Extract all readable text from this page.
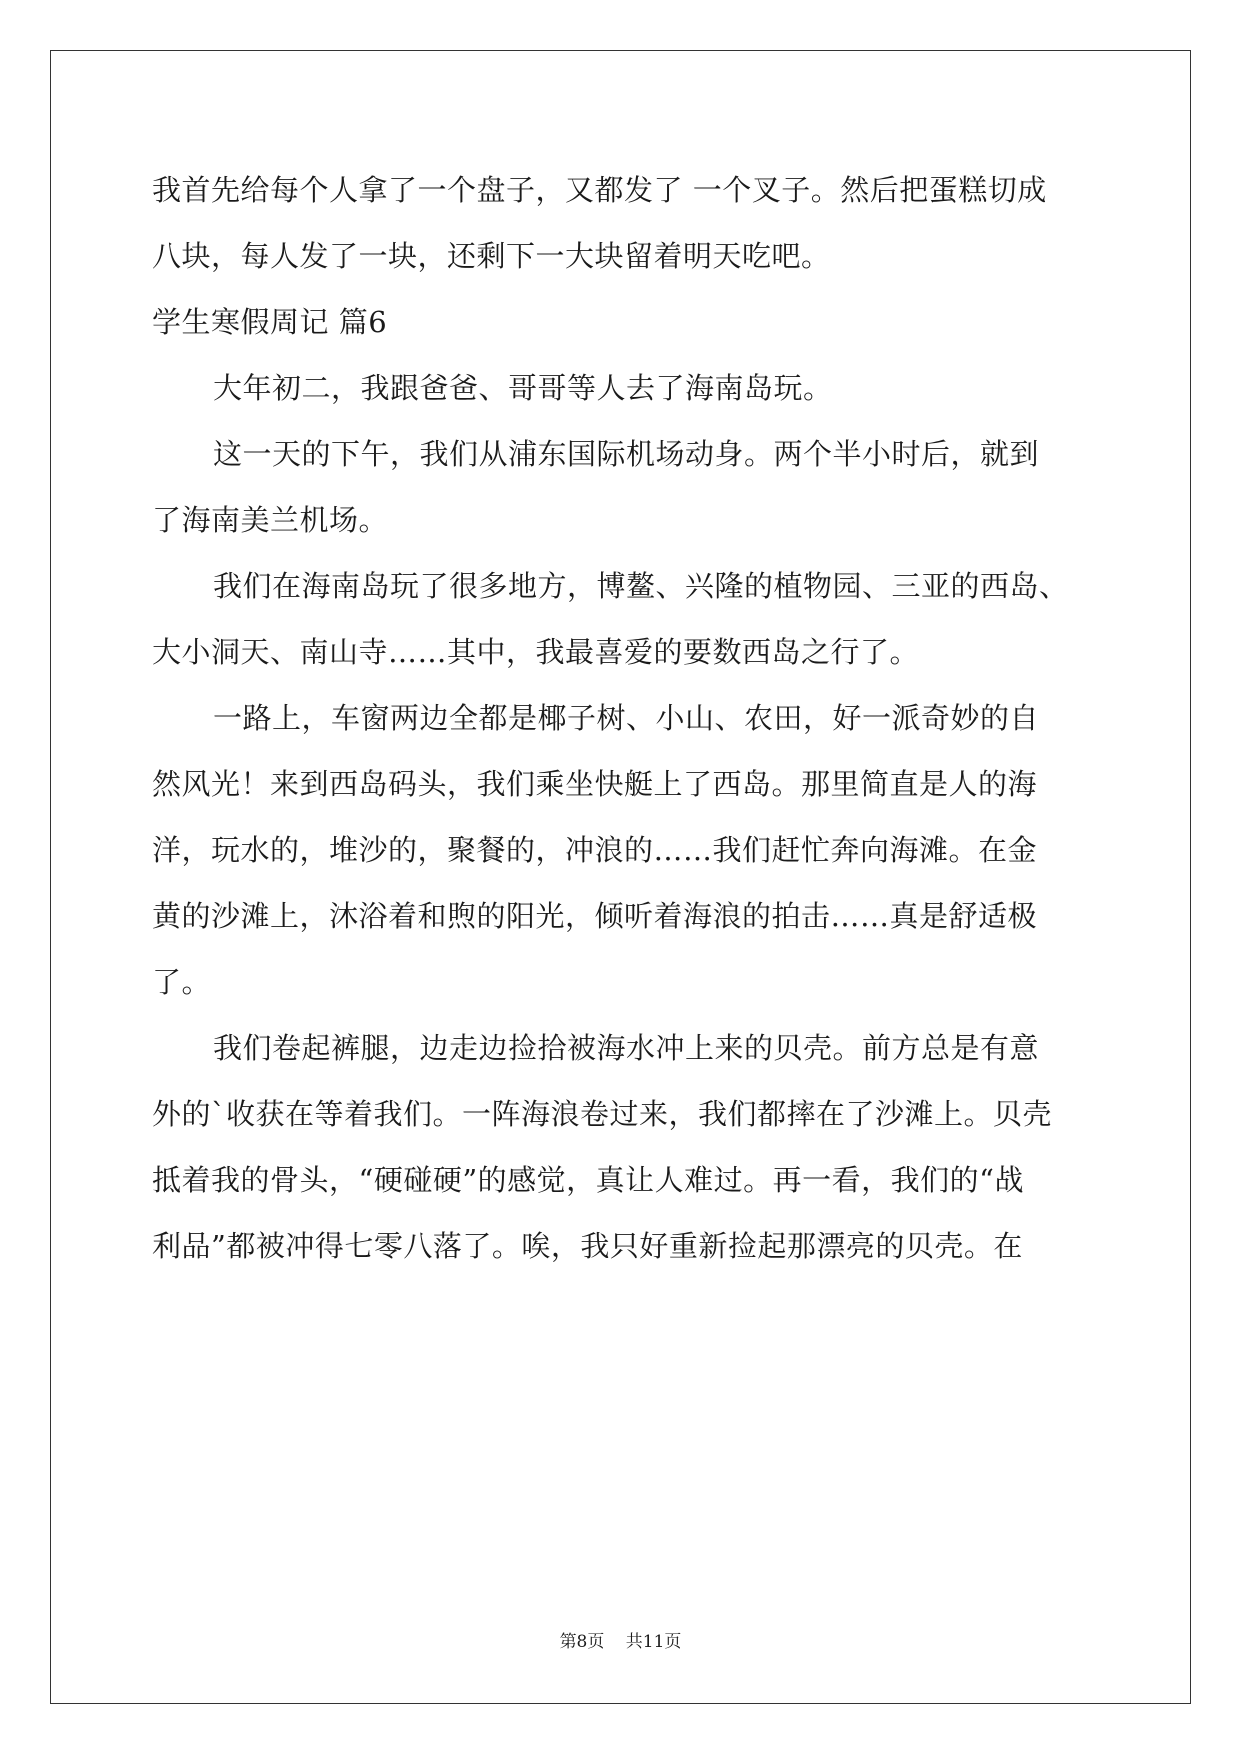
我首先给每个人拿了一个盘子，又都发了 一个叉子。然后把蛋糕切成
八块，每人发了一块，还剩下一大块留着明天吃吧。
学生寒假周记 篇6
大年初二，我跟爸爸、哥哥等人去了海南岛玩。
这一天的下午，我们从浦东国际机场动身。两个半小时后，就到
了海南美兰机场。
我们在海南岛玩了很多地方，博鳌、兴隆的植物园、三亚的西岛、
大小洞天、南山寺……其中，我最喜爱的要数西岛之行了。
一路上，车窗两边全都是椰子树、小山、农田，好一派奇妙的自
然风光！来到西岛码头，我们乘坐快艇上了西岛。那里简直是人的海
洋，玩水的，堆沙的，聚餐的，冲浪的……我们赶忙奔向海滩。在金
黄的沙滩上，沐浴着和煦的阳光，倾听着海浪的拍击……真是舒适极
了。
我们卷起裤腿，边走边捡拾被海水冲上来的贝壳。前方总是有意
外的`收获在等着我们。一阵海浪卷过来，我们都摔在了沙滩上。贝壳
抵着我的骨头，“硬碰硬”的感觉，真让人难过。再一看，我们的“战
利品”都被冲得七零八落了。唉，我只好重新捡起那漂亮的贝壳。在
第8页 共11页
